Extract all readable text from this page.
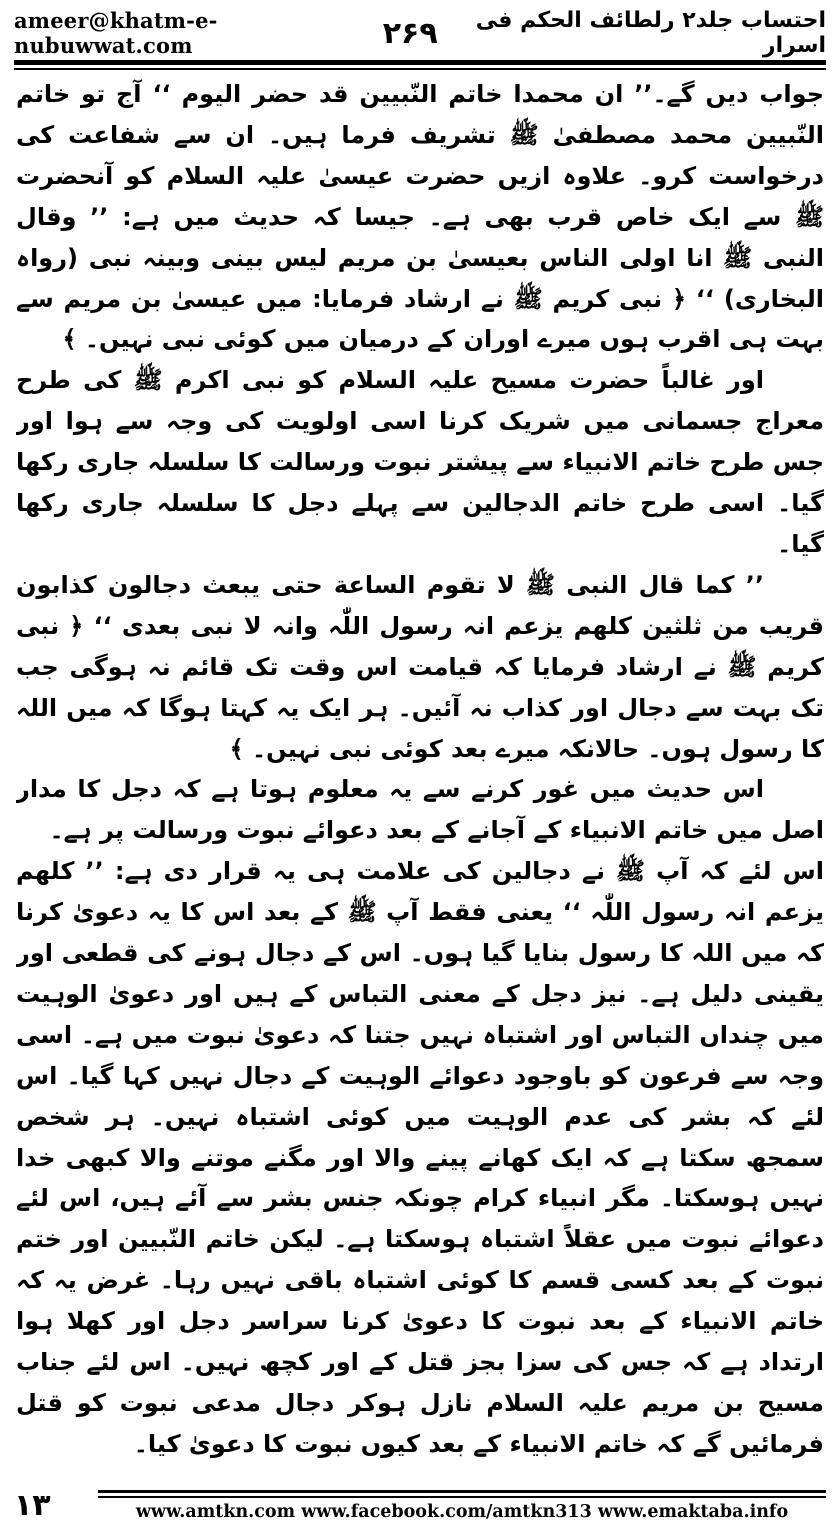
ameer@khatm-e-nubuwwat.com	۲۶۹	احتساب جلد۲ رلطائف الحکم فی اسرار

جواب دیں گے۔’’ ان محمدا خاتم النّبیین قد حضر الیوم ‘‘ آج تو خاتم النّبیین محمد مصطفیٰ ﷺ تشریف فرما ہیں۔ ان سے شفاعت کی درخواست کرو۔ علاوہ ازیں حضرت عیسیٰ علیہ السلام کو آنحضرت ﷺ سے ایک خاص قرب بھی ہے۔ جیسا کہ حدیث میں ہے: ’’ وقال النبی ﷺ انا اولی الناس بعیسیٰ بن مریم لیس بینی وبینہ نبی (رواہ البخاری) ‘‘ ﴿ نبی کریم ﷺ نے ارشاد فرمایا: میں عیسیٰ بن مریم سے بہت ہی اقرب ہوں میرے اوران کے درمیان میں کوئی نبی نہیں۔ ﴾

اور غالباً حضرت مسیح علیہ السلام کو نبی اکرم ﷺ کی طرح معراج جسمانی میں شریک کرنا اسی اولویت کی وجہ سے ہوا اور جس طرح خاتم الانبیاء سے پیشتر نبوت ورسالت کا سلسلہ جاری رکھا گیا۔ اسی طرح خاتم الدجالین سے پہلے دجل کا سلسلہ جاری رکھا گیا۔

’’ کما قال النبی ﷺ لا تقوم الساعة حتی یبعث دجالون کذابون قریب من ثلثین کلھم یزعم انہ رسول اللّٰہ وانہ لا نبی بعدی ‘‘ ﴿ نبی کریم ﷺ نے ارشاد فرمایا کہ قیامت اس وقت تک قائم نہ ہوگی جب تک بہت سے دجال اور کذاب نہ آئیں۔ ہر ایک یہ کہتا ہوگا کہ میں اللہ کا رسول ہوں۔ حالانکہ میرے بعد کوئی نبی نہیں۔ ﴾

اس حدیث میں غور کرنے سے یہ معلوم ہوتا ہے کہ دجل کا مدار اصل میں خاتم الانبیاء کے آجانے کے بعد دعوائے نبوت ورسالت پر ہے۔

اس لئے کہ آپ ﷺ نے دجالین کی علامت ہی یہ قرار دی ہے: ’’ کلھم یزعم انہ رسول اللّٰہ ‘‘ یعنی فقط آپ ﷺ کے بعد اس کا یہ دعویٰ کرنا کہ میں اللہ کا رسول بنایا گیا ہوں۔ اس کے دجال ہونے کی قطعی اور یقینی دلیل ہے۔ نیز دجل کے معنی التباس کے ہیں اور دعویٰ الوہیت میں چنداں التباس اور اشتباہ نہیں جتنا کہ دعویٰ نبوت میں ہے۔ اسی وجہ سے فرعون کو باوجود دعوائے الوہیت کے دجال نہیں کہا گیا۔ اس لئے کہ بشر کی عدم الوہیت میں کوئی اشتباہ نہیں۔ ہر شخص سمجھ سکتا ہے کہ ایک کھانے پینے والا اور مگنے موتنے والا کبھی خدا نہیں ہوسکتا۔ مگر انبیاء کرام چونکہ جنس بشر سے آئے ہیں، اس لئے دعوائے نبوت میں عقلاً اشتباہ ہوسکتا ہے۔ لیکن خاتم النّبیین اور ختم نبوت کے بعد کسی قسم کا کوئی اشتباہ باقی نہیں رہا۔ غرض یہ کہ خاتم الانبیاء کے بعد نبوت کا دعویٰ کرنا سراسر دجل اور کھلا ہوا ارتداد ہے کہ جس کی سزا بجز قتل کے اور کچھ نہیں۔ اس لئے جناب مسیح بن مریم علیہ السلام نازل ہوکر دجال مدعی نبوت کو قتل فرمائیں گے کہ خاتم الانبیاء کے بعد کیوں نبوت کا دعویٰ کیا۔

۱۳	www.amtkn.com www.facebook.com/amtkn313 www.emaktaba.info
